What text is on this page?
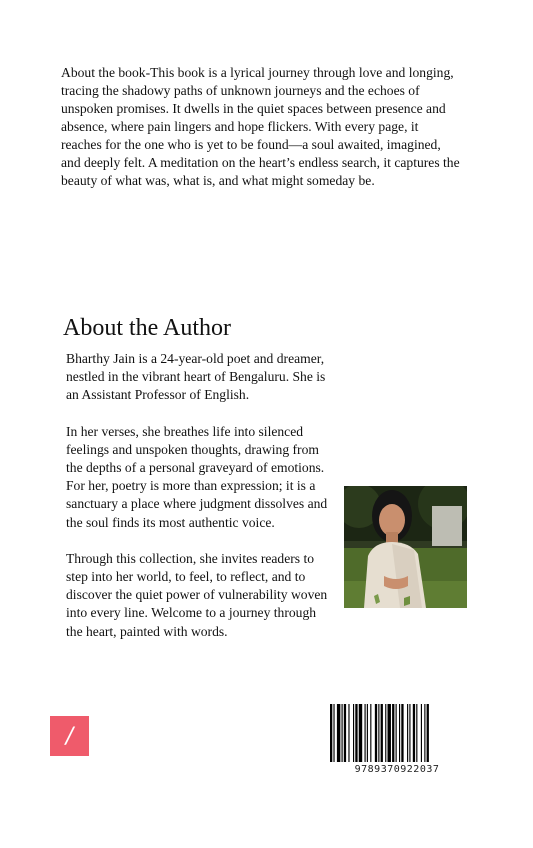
About the book-This book is a lyrical journey through love and longing, tracing the shadowy paths of unknown journeys and the echoes of unspoken promises. It dwells in the quiet spaces between presence and absence, where pain lingers and hope flickers. With every page, it reaches for the one who is yet to be found—a soul awaited, imagined, and deeply felt. A meditation on the heart’s endless search, it captures the beauty of what was, what is, and what might someday be.

About the Author

Bharthy Jain is a 24-year-old poet and dreamer, nestled in the vibrant heart of Bengaluru. She is an Assistant Professor of English.

In her verses, she breathes life into silenced feelings and unspoken thoughts, drawing from the depths of a personal graveyard of emotions. For her, poetry is more than expression; it is a sanctuary a place where judgment dissolves and the soul finds its most authentic voice.

Through this collection, she invites readers to step into her world, to feel, to reflect, and to discover the quiet power of vulnerability woven into every line. Welcome to a journey through the heart, painted with words.

/
9789370922037
